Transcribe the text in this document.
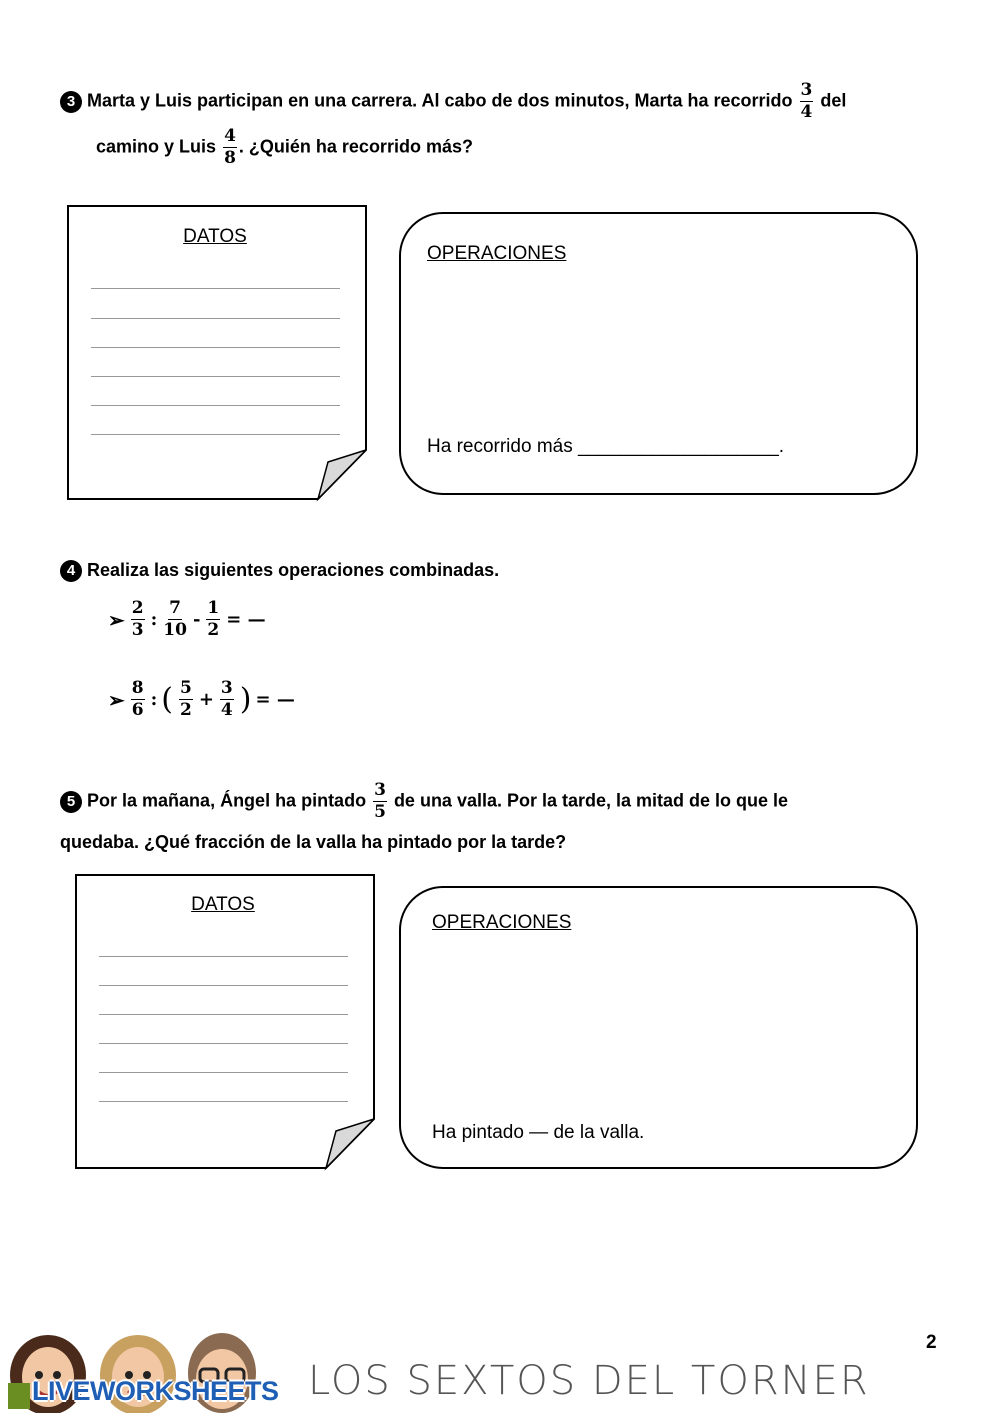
3 Marta y Luis participan en una carrera. Al cabo de dos minutos, Marta ha recorrido $\frac{3}{4}$ del
camino y Luis $\frac{4}{8}$ . ¿Quién ha recorrido más?
DATOS
OPERACIONES
Ha recorrido más ___________________.
4 Realiza las siguientes operaciones combinadas.
➢ $\frac{2}{3}$ : $\frac{7}{10} - \frac{1}{2}$ = —
➢ $\frac{8}{6}$ : ( $\frac{5}{2} + \frac{3}{4}$ ) = —
5 Por la mañana, Ángel ha pintado $\frac{3}{5}$ de una valla. Por la tarde, la mitad de lo que le
quedaba. ¿Qué fracción de la valla ha pintado por la tarde?
DATOS
OPERACIONES
Ha pintado — de la valla.
2
LIVEWORKSHEETS LOS SEXTOS DEL TORNER
